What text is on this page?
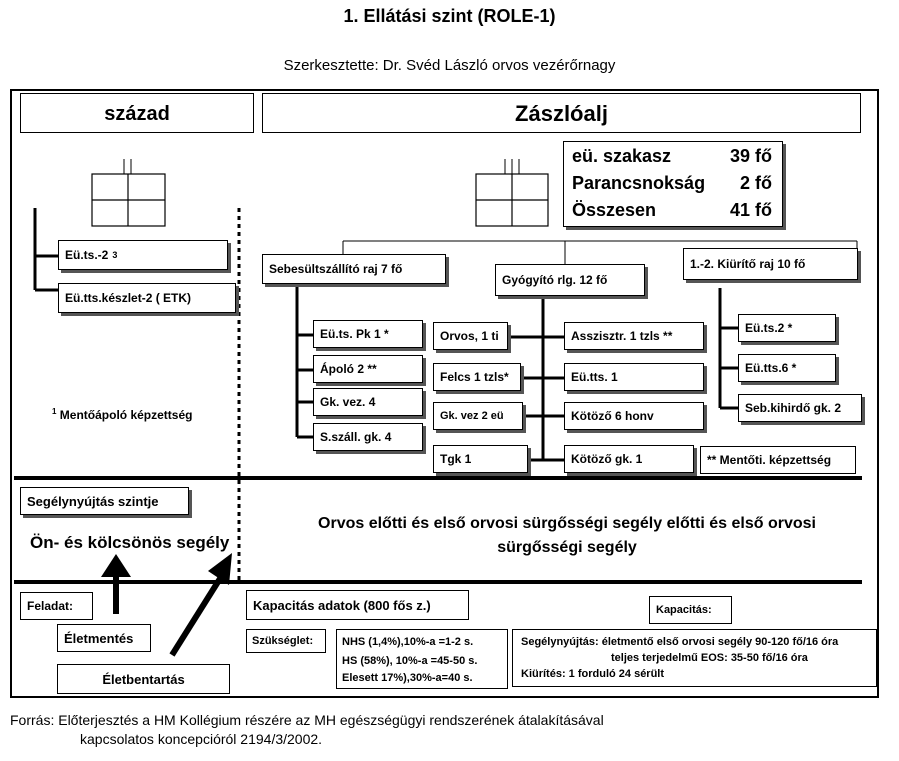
1. Ellátási szint (ROLE-1)
Szerkesztette: Dr. Svéd László orvos vezérőrnagy
század	Zászlóalj
eü. szakasz	39 fő
Parancsnokság 2 fő
Összesen	41 fő
Eü.ts.-2 3
Eü.tts.készlet-2 ( ETK)
$^1$ Mentőápoló képzettség
Sebesültszállító raj 7 fő
Gyógyító rlg. 12 fő
1.-2. Kiürítő raj 10 fő
Eü.ts. Pk 1 *
Ápoló 2 **
Gk. vez. 4
S.száll. gk. 4
Orvos, 1 ti
Felcs 1 tzls*
Gk. vez 2 eü
Tgk 1
Asszisztr. 1 tzls **
Eü.tts. 1
Kötöző 6 honv
Kötöző gk. 1
Eü.ts.2 *
Eü.tts.6 *
Seb.kihirdő gk. 2
** Mentőti. képzettség
Segélynyújtás szintje
Ön- és kölcsönös segély
Orvos előtti és első orvosi sürgősségi segély előtti és első orvosi
sürgősségi segély
Feladat:
Életmentés
Életbentartás
Kapacitás adatok (800 fős z.)	Kapacitás:
Szükséglet:	NHS (1,4%),10%-a =1-2 s.
HS (58%), 10%-a =45-50 s.
Elesett 17%),30%-a=40 s.
Segélynyújtás: életmentő első orvosi segély 90-120 fő/16 óra
teljes terjedelmű EOS: 35-50 fő/16 óra
Kiürítés: 1 forduló 24 sérült
Forrás: Előterjesztés a HM Kollégium részére az MH egészségügyi rendszerének átalakításával
kapcsolatos koncepcióról 2194/3/2002.
